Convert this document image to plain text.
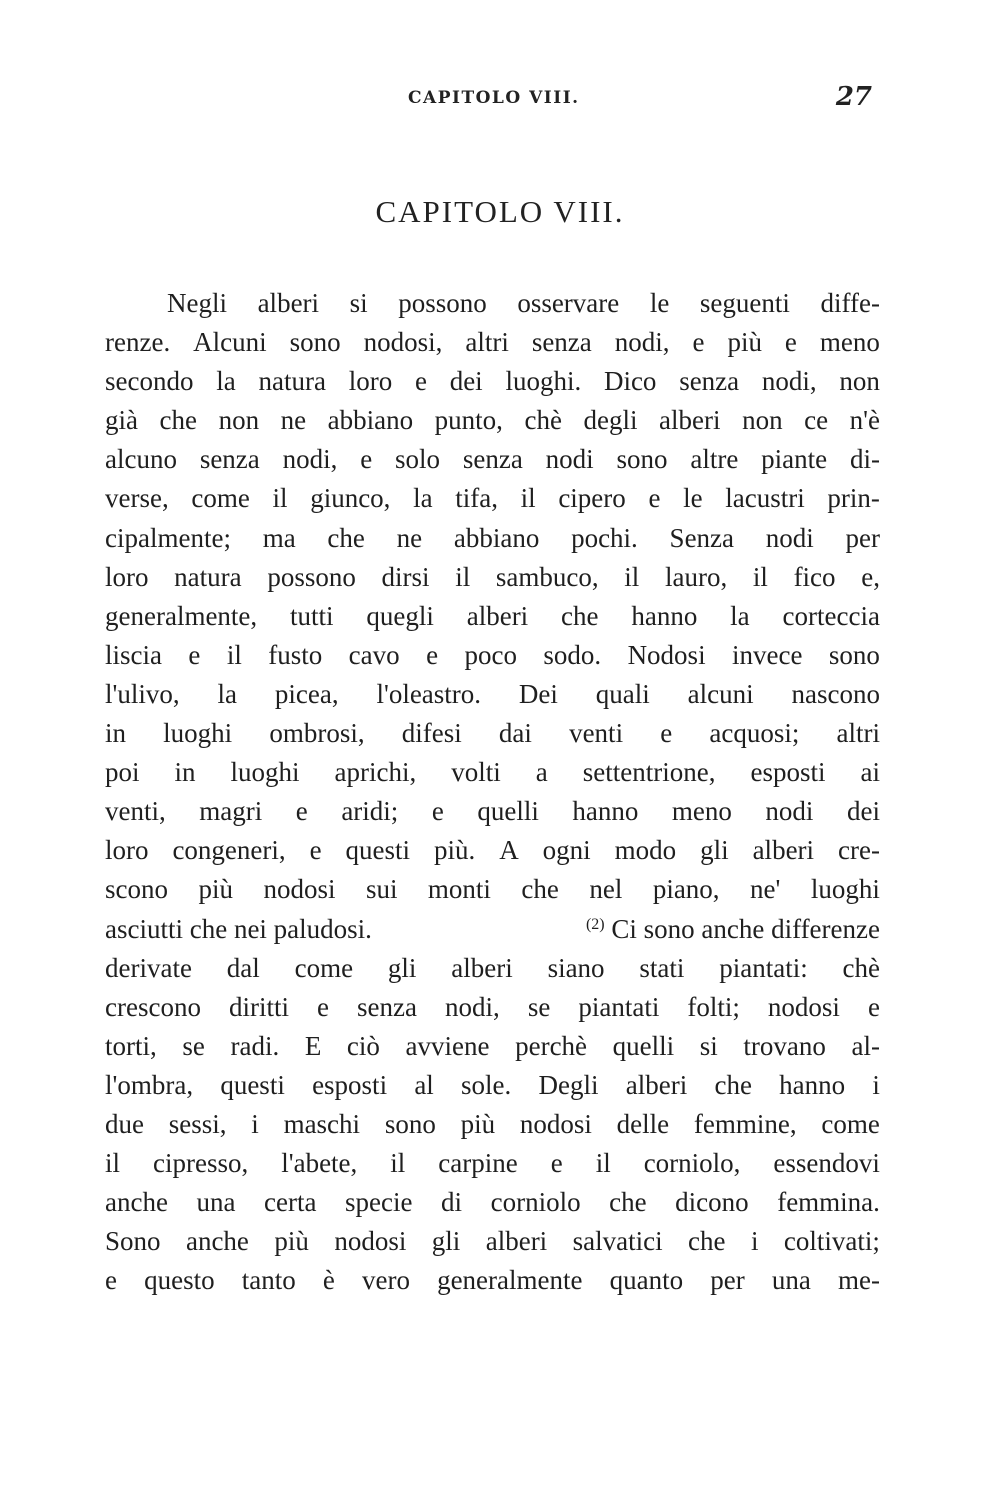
CAPITOLO VIII.	27
CAPITOLO VIII.
Negli alberi si possono osservare le seguenti diffe-
renze. Alcuni sono nodosi, altri senza nodi, e più e meno
secondo la natura loro e dei luoghi. Dico senza nodi, non
già che non ne abbiano punto, chè degli alberi non ce n'è
alcuno senza nodi, e solo senza nodi sono altre piante di-
verse, come il giunco, la tifa, il cipero e le lacustri prin-
cipalmente; ma che ne abbiano pochi. Senza nodi per
loro natura possono dirsi il sambuco, il lauro, il fico e,
generalmente, tutti quegli alberi che hanno la corteccia
liscia e il fusto cavo e poco sodo. Nodosi invece sono
l'ulivo, la picea, l'oleastro. Dei quali alcuni nascono
in luoghi ombrosi, difesi dai venti e acquosi; altri
poi in luoghi aprichi, volti a settentrione, esposti ai
venti, magri e aridi; e quelli hanno meno nodi dei
loro congeneri, e questi più. A ogni modo gli alberi cre-
scono più nodosi sui monti che nel piano, ne' luoghi
asciutti che nei paludosi.	$^{(2)}$ Ci sono anche differenze
derivate dal come gli alberi siano stati piantati: chè
crescono diritti e senza nodi, se piantati folti; nodosi e
torti, se radi. E ciò avviene perchè quelli si trovano al-
l'ombra, questi esposti al sole. Degli alberi che hanno i
due sessi, i maschi sono più nodosi delle femmine, come
il cipresso, l'abete, il carpine e il corniolo, essendovi
anche una certa specie di corniolo che dicono femmina.
Sono anche più nodosi gli alberi salvatici che i coltivati;
e questo tanto è vero generalmente quanto per una me-
